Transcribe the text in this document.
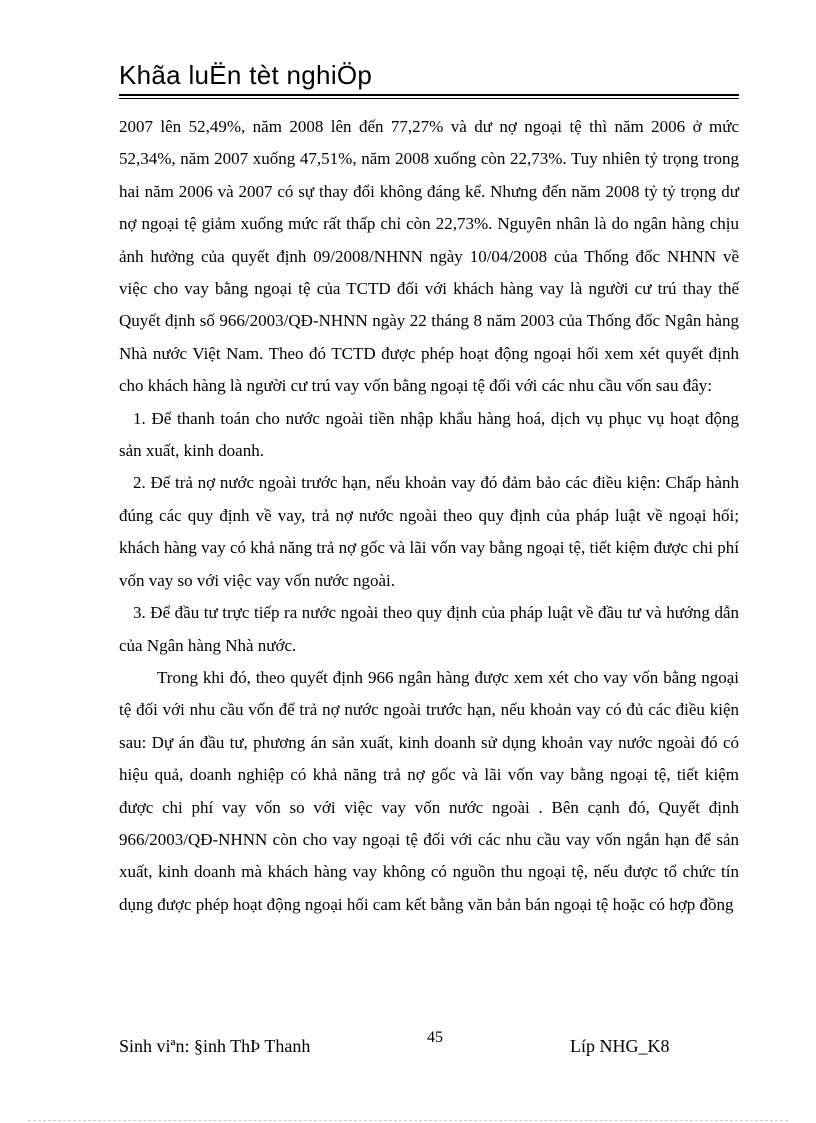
Khãa luËn tèt nghiÖp

2007 lên 52,49%, năm 2008 lên đến 77,27% và dư nợ ngoại tệ thì năm 2006 ở mức 52,34%, năm 2007 xuống 47,51%, năm 2008 xuống còn 22,73%. Tuy nhiên tỷ trọng trong hai năm 2006 và 2007 có sự thay đổi không đáng kể. Nhưng đến năm 2008 tỷ tỷ trọng dư nợ ngoại tệ giảm xuống mức rất thấp chỉ còn 22,73%. Nguyên nhân là do ngân hàng chịu ảnh hưởng của quyết định 09/2008/NHNN ngày 10/04/2008 của Thống đốc NHNN về việc cho vay bằng ngoại tệ của TCTD đối với khách hàng vay là người cư trú thay thế Quyết định số 966/2003/QĐ-NHNN ngày 22 tháng 8 năm 2003 của Thống đốc Ngân hàng Nhà nước Việt Nam. Theo đó TCTD được phép hoạt động ngoại hối xem xét quyết định cho khách hàng là người cư trú vay vốn bằng ngoại tệ đối với các nhu cầu vốn sau đây:

1. Để thanh toán cho nước ngoài tiền nhập khẩu hàng hoá, dịch vụ phục vụ hoạt động sản xuất, kinh doanh.

2. Để trả nợ nước ngoài trước hạn, nếu khoản vay đó đảm bảo các điều kiện: Chấp hành đúng các quy định về vay, trả nợ nước ngoài theo quy định của pháp luật về ngoại hối; khách hàng vay có khả năng trả nợ gốc và lãi vốn vay bằng ngoại tệ, tiết kiệm được chi phí vốn vay so với việc vay vốn nước ngoài.

3. Để đầu tư trực tiếp ra nước ngoài theo quy định của pháp luật về đầu tư và hướng dẫn của Ngân hàng Nhà nước.

Trong khi đó, theo quyết định 966 ngân hàng được xem xét cho vay vốn bằng ngoại tệ đối với nhu cầu vốn để trả nợ nước ngoài trước hạn, nếu khoản vay có đủ các điều kiện sau: Dự án đầu tư, phương án sản xuất, kinh doanh sử dụng khoản vay nước ngoài đó có hiệu quả, doanh nghiệp có khả năng trả nợ gốc và lãi vốn vay bằng ngoại tệ, tiết kiệm được chi phí vay vốn so với việc vay vốn nước ngoài . Bên cạnh đó, Quyết định 966/2003/QĐ-NHNN còn cho vay ngoại tệ đối với các nhu cầu vay vốn ngắn hạn để sản xuất, kinh doanh mà khách hàng vay không có nguồn thu ngoại tệ, nếu được tổ chức tín dụng được phép hoạt động ngoại hối cam kết bằng văn bản bán ngoại tệ hoặc có hợp đồng

Sinh viªn: §inh ThÞ Thanh	45	Líp NHG_K8
